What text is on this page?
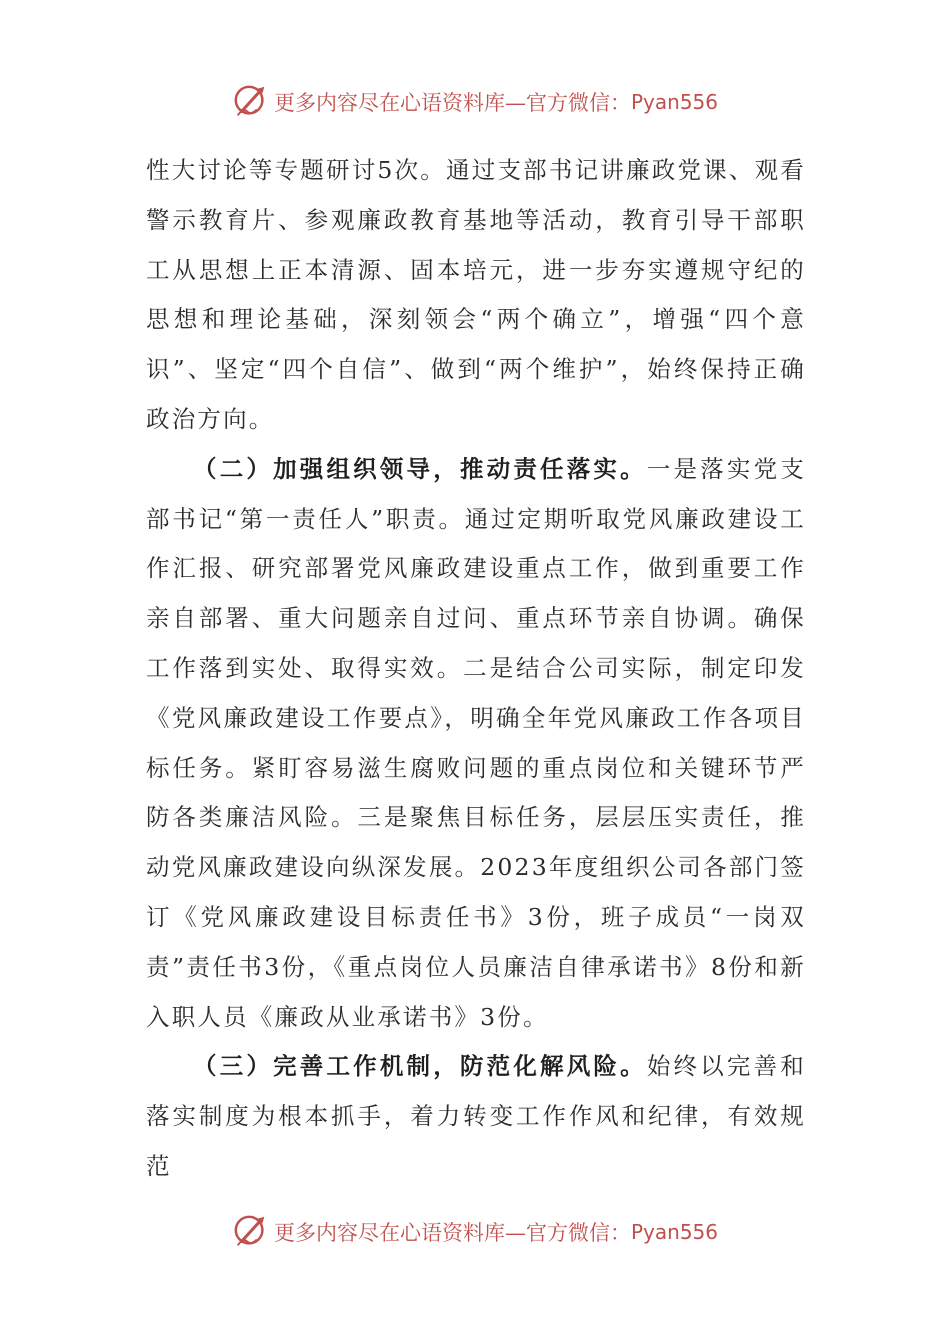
更多内容尽在心语资料库—官方微信： Pyan556

性大讨论等专题研讨5次。通过支部书记讲廉政党课、观看警示教育片、参观廉政教育基地等活动，教育引导干部职工从思想上正本清源、固本培元，进一步夯实遵规守纪的思想和理论基础，深刻领会“两个确立”，增强“四个意识”、坚定“四个自信”、做到“两个维护”，始终保持正确政治方向。

（二）加强组织领导，推动责任落实。一是落实党支部书记“第一责任人”职责。通过定期听取党风廉政建设工作汇报、研究部署党风廉政建设重点工作，做到重要工作亲自部署、重大问题亲自过问、重点环节亲自协调。确保工作落到实处、取得实效。二是结合公司实际，制定印发《党风廉政建设工作要点》，明确全年党风廉政工作各项目标任务。紧盯容易滋生腐败问题的重点岗位和关键环节严防各类廉洁风险。三是聚焦目标任务，层层压实责任，推动党风廉政建设向纵深发展。2023年度组织公司各部门签订《党风廉政建设目标责任书》3份，班子成员“一岗双责”责任书3份，《重点岗位人员廉洁自律承诺书》8份和新入职人员《廉政从业承诺书》3份。

（三）完善工作机制，防范化解风险。始终以完善和落实制度为根本抓手，着力转变工作作风和纪律，有效规范

更多内容尽在心语资料库—官方微信： Pyan556
